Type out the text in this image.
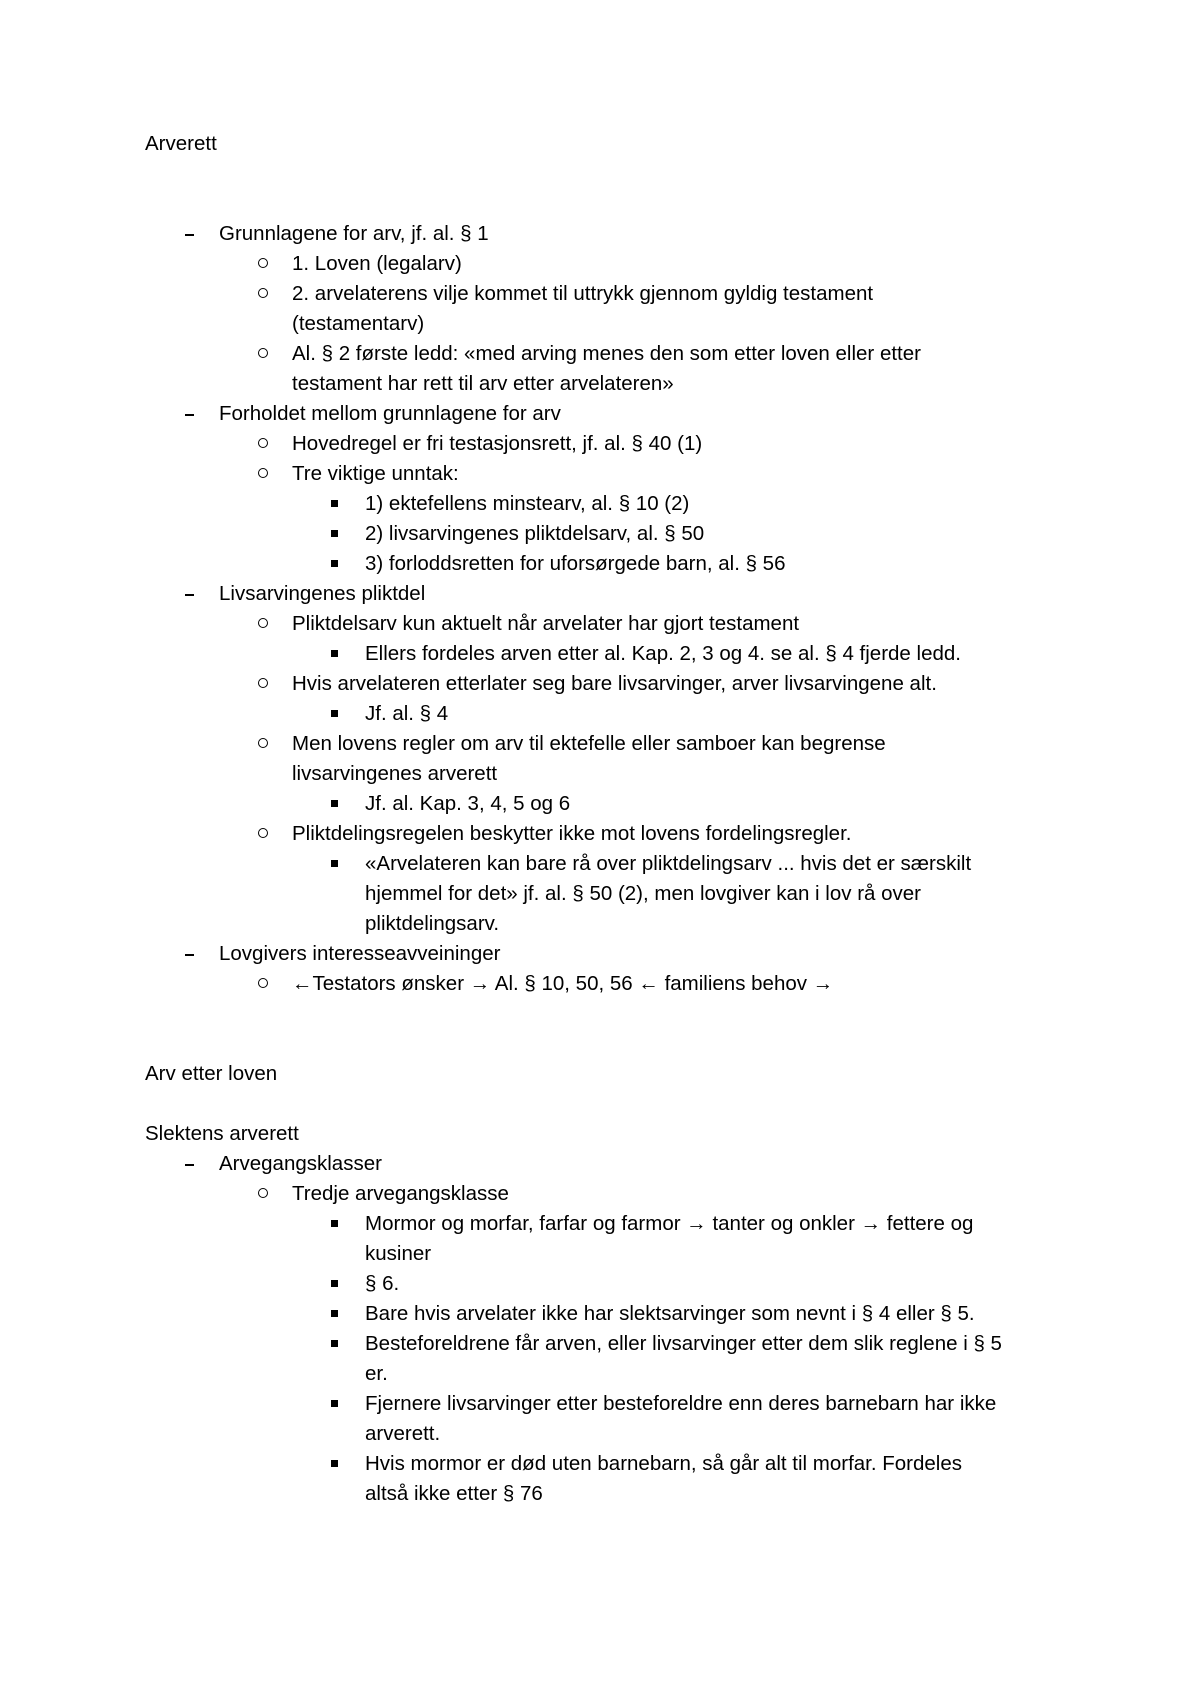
Arverett
Grunnlagene for arv, jf. al. § 1
1. Loven (legalarv)
2. arvelaterens vilje kommet til uttrykk gjennom gyldig testament
(testamentarv)
Al. § 2 første ledd: «med arving menes den som etter loven eller etter
testament har rett til arv etter arvelateren»
Forholdet mellom grunnlagene for arv
Hovedregel er fri testasjonsrett, jf. al. § 40 (1)
Tre viktige unntak:
1) ektefellens minstearv, al. § 10 (2)
2) livsarvingenes pliktdelsarv, al. § 50
3) forloddsretten for uforsørgede barn, al. § 56
Livsarvingenes pliktdel
Pliktdelsarv kun aktuelt når arvelater har gjort testament
Ellers fordeles arven etter al. Kap. 2, 3 og 4. se al. § 4 fjerde ledd.
Hvis arvelateren etterlater seg bare livsarvinger, arver livsarvingene alt.
Jf. al. § 4
Men lovens regler om arv til ektefelle eller samboer kan begrense
livsarvingenes arverett
Jf. al. Kap. 3, 4, 5 og 6
Pliktdelingsregelen beskytter ikke mot lovens fordelingsregler.
«Arvelateren kan bare rå over pliktdelingsarv ... hvis det er særskilt
hjemmel for det» jf. al. § 50 (2), men lovgiver kan i lov rå over
pliktdelingsarv.
Lovgivers interesseavveininger
←Testators ønsker → Al. § 10, 50, 56 ← familiens behov →
Arv etter loven
Slektens arverett
Arvegangsklasser
Tredje arvegangsklasse
Mormor og morfar, farfar og farmor → tanter og onkler → fettere og
kusiner
§ 6.
Bare hvis arvelater ikke har slektsarvinger som nevnt i § 4 eller § 5.
Besteforeldrene får arven, eller livsarvinger etter dem slik reglene i § 5
er.
Fjernere livsarvinger etter besteforeldre enn deres barnebarn har ikke
arverett.
Hvis mormor er død uten barnebarn, så går alt til morfar. Fordeles
altså ikke etter § 76
